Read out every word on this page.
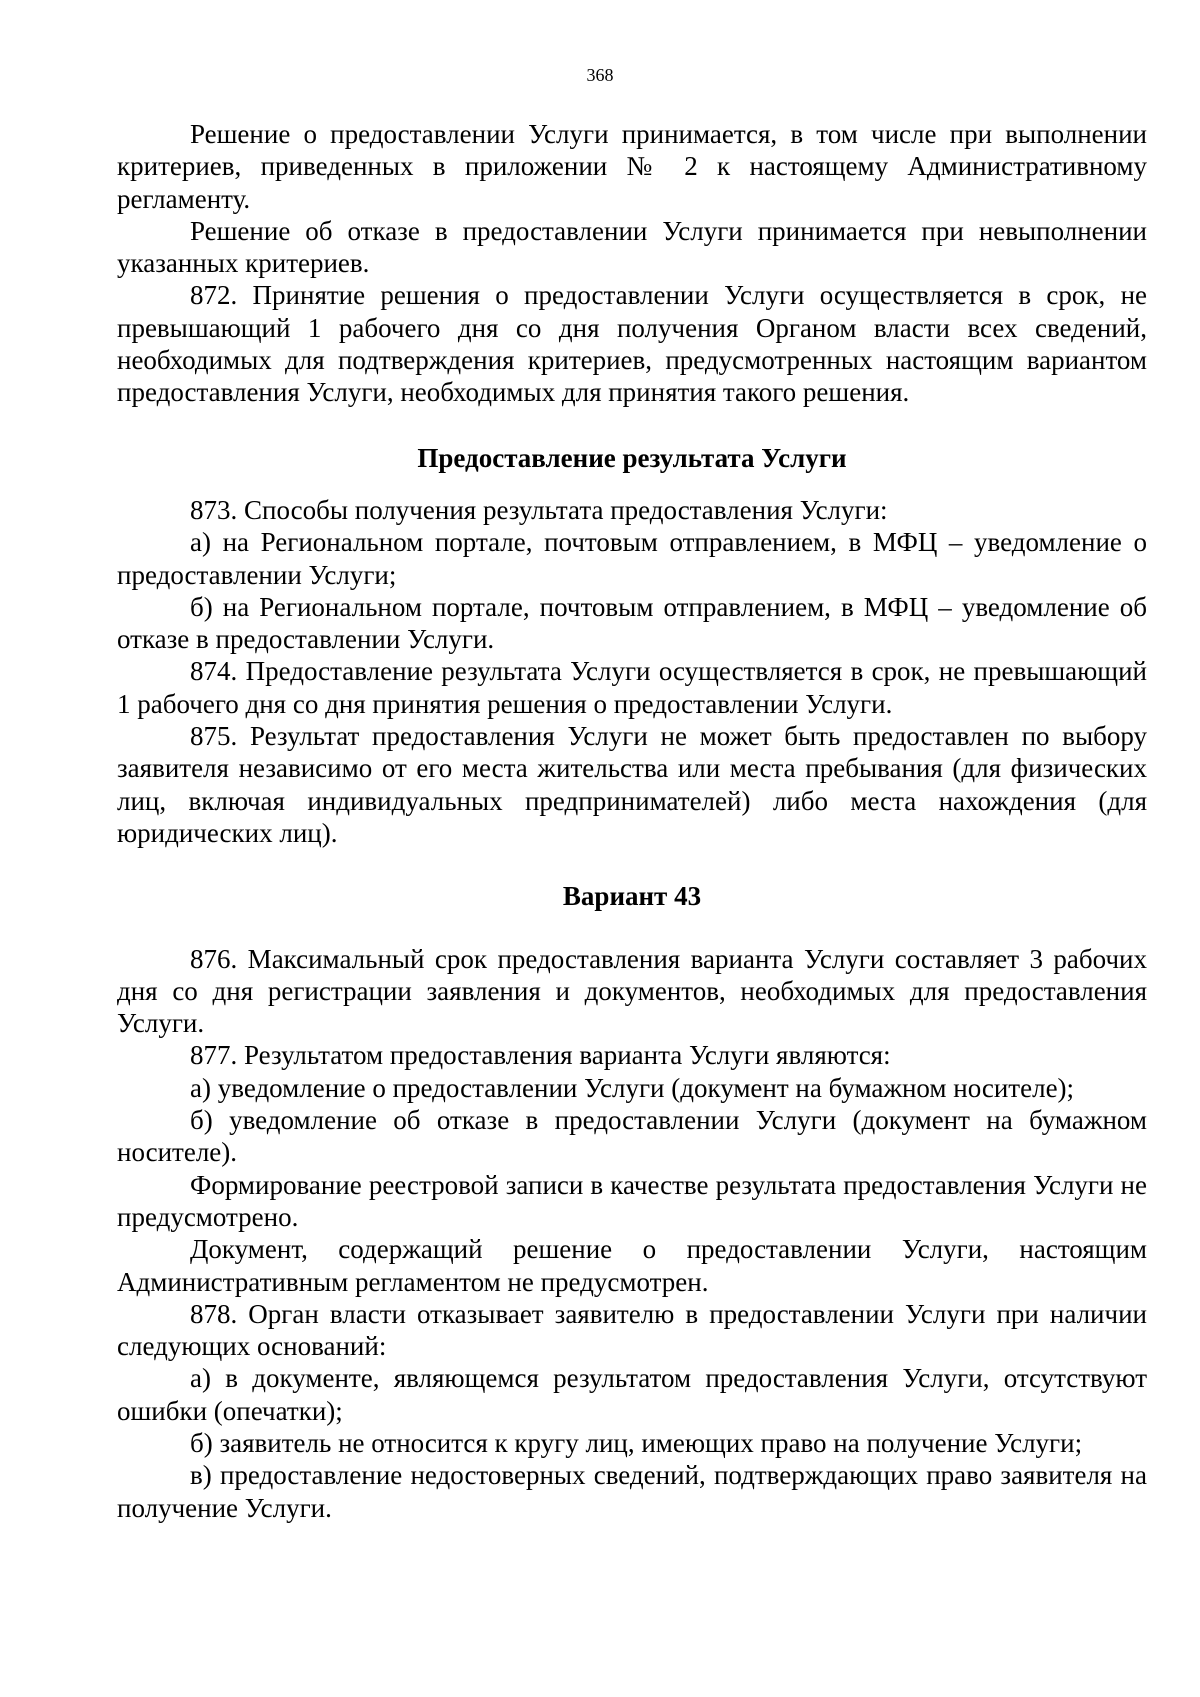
368

Решение о предоставлении Услуги принимается, в том числе при выполнении критериев, приведенных в приложении № 2 к настоящему Административному регламенту.

Решение об отказе в предоставлении Услуги принимается при невыполнении указанных критериев.

872. Принятие решения о предоставлении Услуги осуществляется в срок, не превышающий 1 рабочего дня со дня получения Органом власти всех сведений, необходимых для подтверждения критериев, предусмотренных настоящим вариантом предоставления Услуги, необходимых для принятия такого решения.

Предоставление результата Услуги

873. Способы получения результата предоставления Услуги:

а) на Региональном портале, почтовым отправлением, в МФЦ – уведомление о предоставлении Услуги;

б) на Региональном портале, почтовым отправлением, в МФЦ – уведомление об отказе в предоставлении Услуги.

874. Предоставление результата Услуги осуществляется в срок, не превышающий 1 рабочего дня со дня принятия решения о предоставлении Услуги.

875. Результат предоставления Услуги не может быть предоставлен по выбору заявителя независимо от его места жительства или места пребывания (для физических лиц, включая индивидуальных предпринимателей) либо места нахождения (для юридических лиц).

Вариант 43

876. Максимальный срок предоставления варианта Услуги составляет 3 рабочих дня со дня регистрации заявления и документов, необходимых для предоставления Услуги.

877. Результатом предоставления варианта Услуги являются:

а) уведомление о предоставлении Услуги (документ на бумажном носителе);

б) уведомление об отказе в предоставлении Услуги (документ на бумажном носителе).

Формирование реестровой записи в качестве результата предоставления Услуги не предусмотрено.

Документ, содержащий решение о предоставлении Услуги, настоящим Административным регламентом не предусмотрен.

878. Орган власти отказывает заявителю в предоставлении Услуги при наличии следующих оснований:

а) в документе, являющемся результатом предоставления Услуги, отсутствуют ошибки (опечатки);

б) заявитель не относится к кругу лиц, имеющих право на получение Услуги;

в) предоставление недостоверных сведений, подтверждающих право заявителя на получение Услуги.
